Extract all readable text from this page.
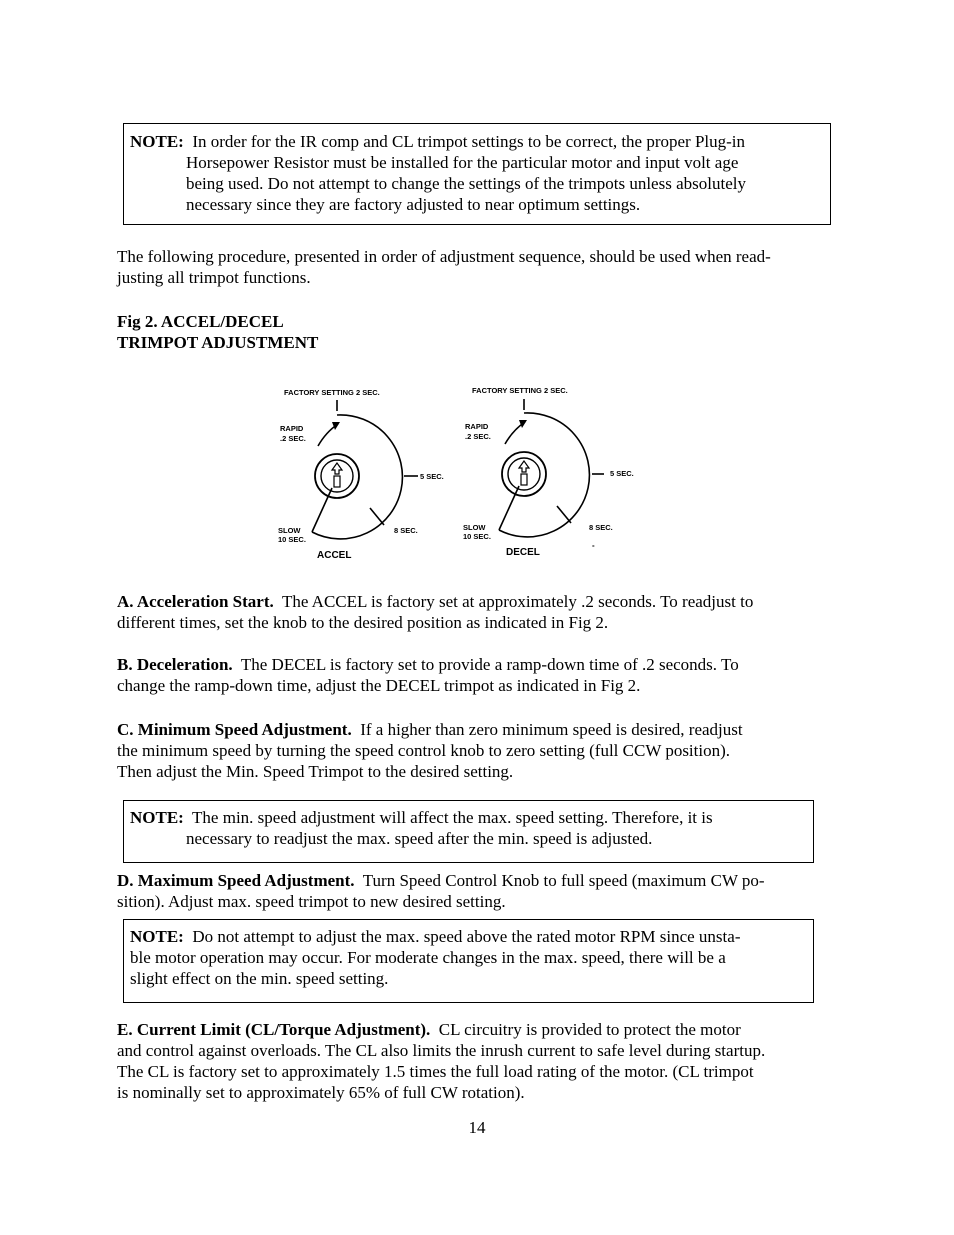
NOTE: In order for the IR comp and CL trimpot settings to be correct, the proper Plug-in

Horsepower Resistor must be installed for the particular motor and input volt age

being used. Do not attempt to change the settings of the trimpots unless absolutely

necessary since they are factory adjusted to near optimum settings.

The following procedure, presented in order of adjustment sequence, should be used when read-

justing all trimpot functions.

Fig 2. ACCEL/DECEL

TRIMPOT ADJUSTMENT

FACTORY SETTING 2 SEC.
RAPID
.2 SEC.
5 SEC.
8 SEC.
SLOW
10 SEC.
ACCEL
FACTORY SETTING 2 SEC.
RAPID
.2 SEC.
5 SEC.
8 SEC.
SLOW
10 SEC.
DECEL
-

A. Acceleration Start. The ACCEL is factory set at approximately .2 seconds. To readjust to

different times, set the knob to the desired position as indicated in Fig 2.

B. Deceleration. The DECEL is factory set to provide a ramp-down time of .2 seconds. To

change the ramp-down time, adjust the DECEL trimpot as indicated in Fig 2.

C. Minimum Speed Adjustment. If a higher than zero minimum speed is desired, readjust

the minimum speed by turning the speed control knob to zero setting (full CCW position).

Then adjust the Min. Speed Trimpot to the desired setting.

NOTE: The min. speed adjustment will affect the max. speed setting. Therefore, it is

necessary to readjust the max. speed after the min. speed is adjusted.

D. Maximum Speed Adjustment. Turn Speed Control Knob to full speed (maximum CW po-

sition). Adjust max. speed trimpot to new desired setting.

NOTE: Do not attempt to adjust the max. speed above the rated motor RPM since unsta-

ble motor operation may occur. For moderate changes in the max. speed, there will be a

slight effect on the min. speed setting.

E. Current Limit (CL/Torque Adjustment). CL circuitry is provided to protect the motor

and control against overloads. The CL also limits the inrush current to safe level during startup.

The CL is factory set to approximately 1.5 times the full load rating of the motor. (CL trimpot

is nominally set to approximately 65% of full CW rotation).

14
